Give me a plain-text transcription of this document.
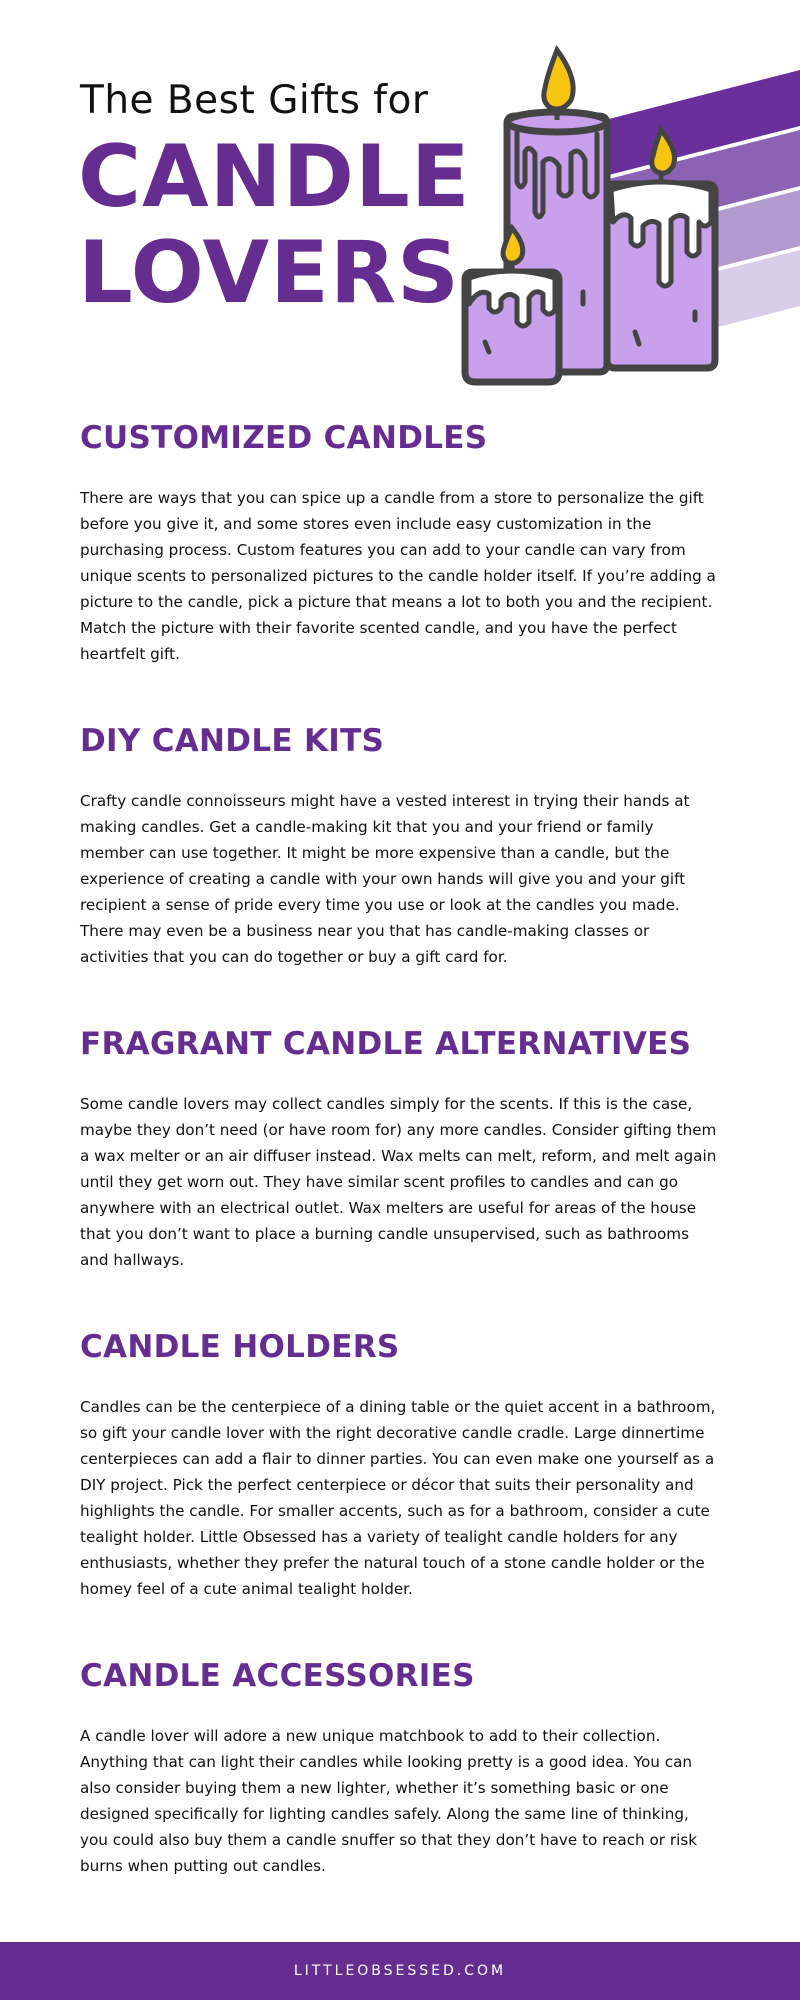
The Best Gifts for
CANDLE
LOVERS
CUSTOMIZED CANDLES

There are ways that you can spice up a candle from a store to personalize the gift before you give it, and some stores even include easy customization in the purchasing process. Custom features you can add to your candle can vary from unique scents to personalized pictures to the candle holder itself. If you’re adding a picture to the candle, pick a picture that means a lot to both you and the recipient. Match the picture with their favorite scented candle, and you have the perfect heartfelt gift.

DIY CANDLE KITS

Crafty candle connoisseurs might have a vested interest in trying their hands at making candles. Get a candle-making kit that you and your friend or family member can use together. It might be more expensive than a candle, but the experience of creating a candle with your own hands will give you and your gift recipient a sense of pride every time you use or look at the candles you made. There may even be a business near you that has candle-making classes or activities that you can do together or buy a gift card for.

FRAGRANT CANDLE ALTERNATIVES

Some candle lovers may collect candles simply for the scents. If this is the case, maybe they don’t need (or have room for) any more candles. Consider gifting them a wax melter or an air diffuser instead. Wax melts can melt, reform, and melt again until they get worn out. They have similar scent profiles to candles and can go anywhere with an electrical outlet. Wax melters are useful for areas of the house that you don’t want to place a burning candle unsupervised, such as bathrooms and hallways.

CANDLE HOLDERS

Candles can be the centerpiece of a dining table or the quiet accent in a bathroom, so gift your candle lover with the right decorative candle cradle. Large dinnertime centerpieces can add a flair to dinner parties. You can even make one yourself as a DIY project. Pick the perfect centerpiece or décor that suits their personality and highlights the candle. For smaller accents, such as for a bathroom, consider a cute tealight holder. Little Obsessed has a variety of tealight candle holders for any enthusiasts, whether they prefer the natural touch of a stone candle holder or the homey feel of a cute animal tealight holder.

CANDLE ACCESSORIES

A candle lover will adore a new unique matchbook to add to their collection. Anything that can light their candles while looking pretty is a good idea. You can also consider buying them a new lighter, whether it’s something basic or one designed specifically for lighting candles safely. Along the same line of thinking, you could also buy them a candle snuffer so that they don’t have to reach or risk burns when putting out candles.

LITTLEOBSESSED.COM
